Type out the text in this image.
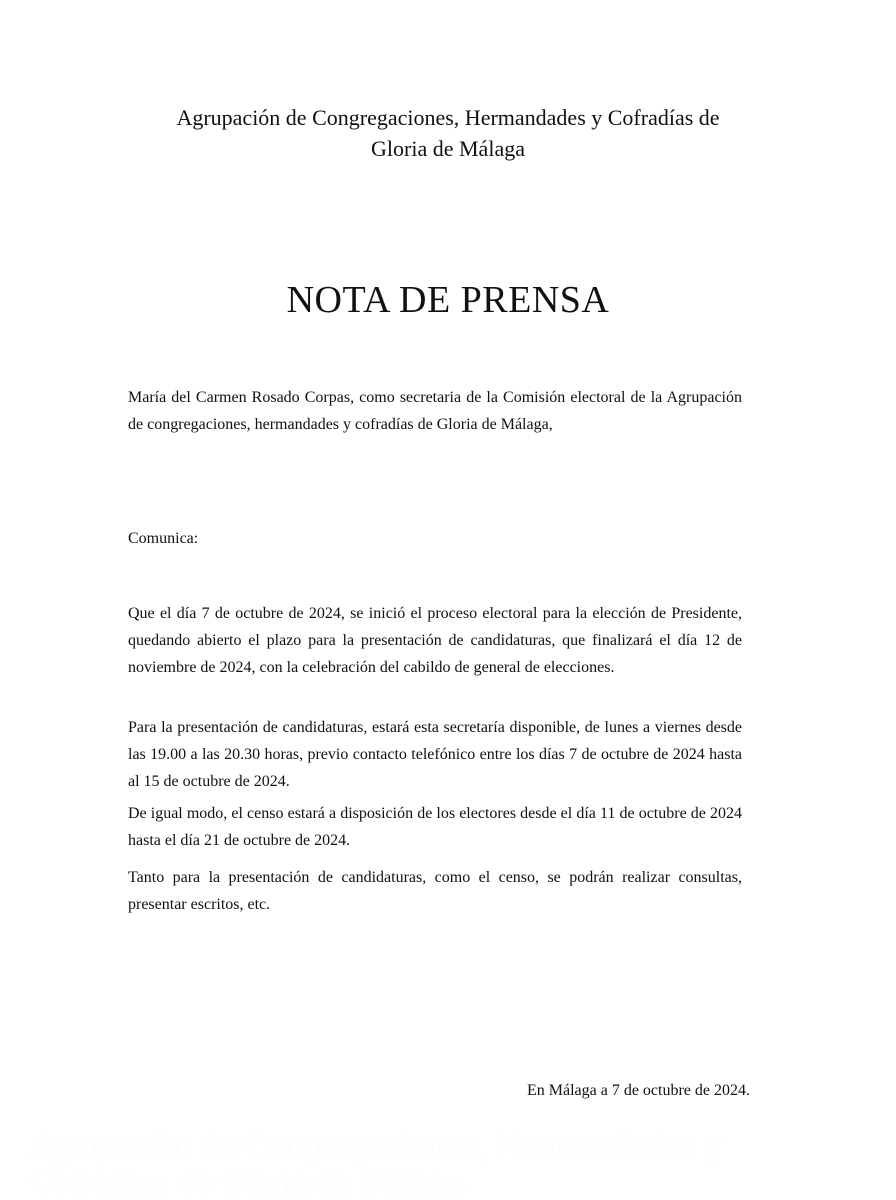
Agrupación de Congregaciones, Hermandades y Cofradías de
Gloria de Málaga
NOTA DE PRENSA

María del Carmen Rosado Corpas, como secretaria de la Comisión electoral de la Agrupación de congregaciones, hermandades y cofradías de Gloria de Málaga,

Comunica:

Que el día 7 de octubre de 2024, se inició el proceso electoral para la elección de Presidente, quedando abierto el plazo para la presentación de candidaturas, que finalizará el día 12 de noviembre de 2024, con la celebración del cabildo de general de elecciones.

Para la presentación de candidaturas, estará esta secretaría disponible, de lunes a viernes desde las 19.00 a las 20.30 horas, previo contacto telefónico entre los días 7 de octubre de 2024 hasta al 15 de octubre de 2024.

De igual modo, el censo estará a disposición de los electores desde el día 11 de octubre de 2024 hasta el día 21 de octubre de 2024.

Tanto para la presentación de candidaturas, como el censo, se podrán realizar consultas, presentar escritos, etc.

En Málaga a 7 de octubre de 2024.
Agrupación de Congregaciones, Hermandades y
Cofradías de Gloria de Málaga
